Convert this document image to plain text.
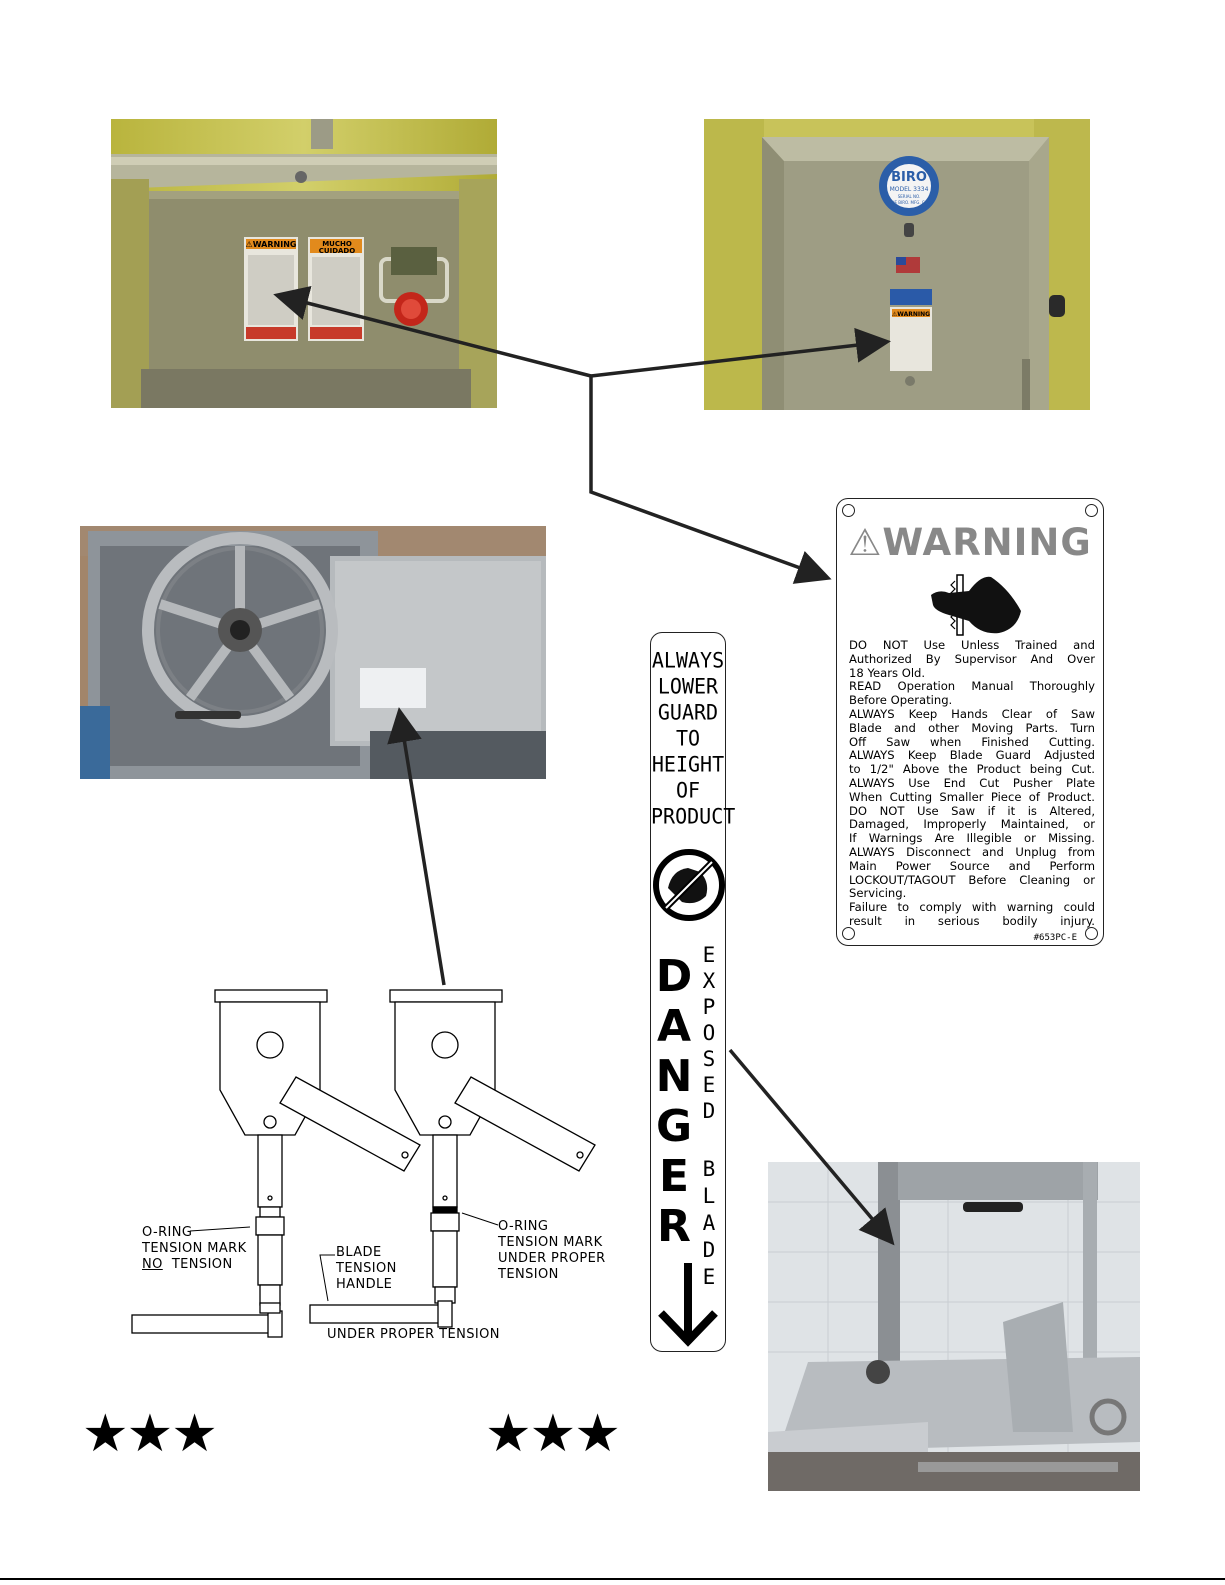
⚠WARNING	MUCHO
CUIDADO
BIRO
MODEL 3334
SERIAL NO.
THE BIRO. MFG. CO.
⚠WARNING
⚠WARNING
DO NOT Use Unless Trained and
Authorized By Supervisor And Over
18 Years Old.
READ Operation Manual Thoroughly
Before Operating.
ALWAYS Keep Hands Clear of Saw
Blade and other Moving Parts. Turn
Off Saw when Finished Cutting.
ALWAYS Keep Blade Guard Adjusted
to 1/2" Above the Product being Cut.
ALWAYS Use End Cut Pusher Plate
When Cutting Smaller Piece of Product.
DO NOT Use Saw if it is Altered,
Damaged, Improperly Maintained, or
If Warnings Are Illegible or Missing.
ALWAYS Disconnect and Unplug from
Main Power Source and Perform
LOCKOUT/TAGOUT Before Cleaning or
Servicing.
Failure to comply with warning could
result in serious bodily injury.
#653PC-E
ALWAYS
LOWER
GUARD
TO
HEIGHT
OF
PRODUCT
D
A
N
G
E
R
E
X
P
O
S
E
D
B
L
A
D
E
O-RING
TENSION MARK
NO TENSION
BLADE
TENSION
HANDLE
O-RING
TENSION MARK
UNDER PROPER
TENSION
UNDER PROPER TENSION
★★★	★★★
